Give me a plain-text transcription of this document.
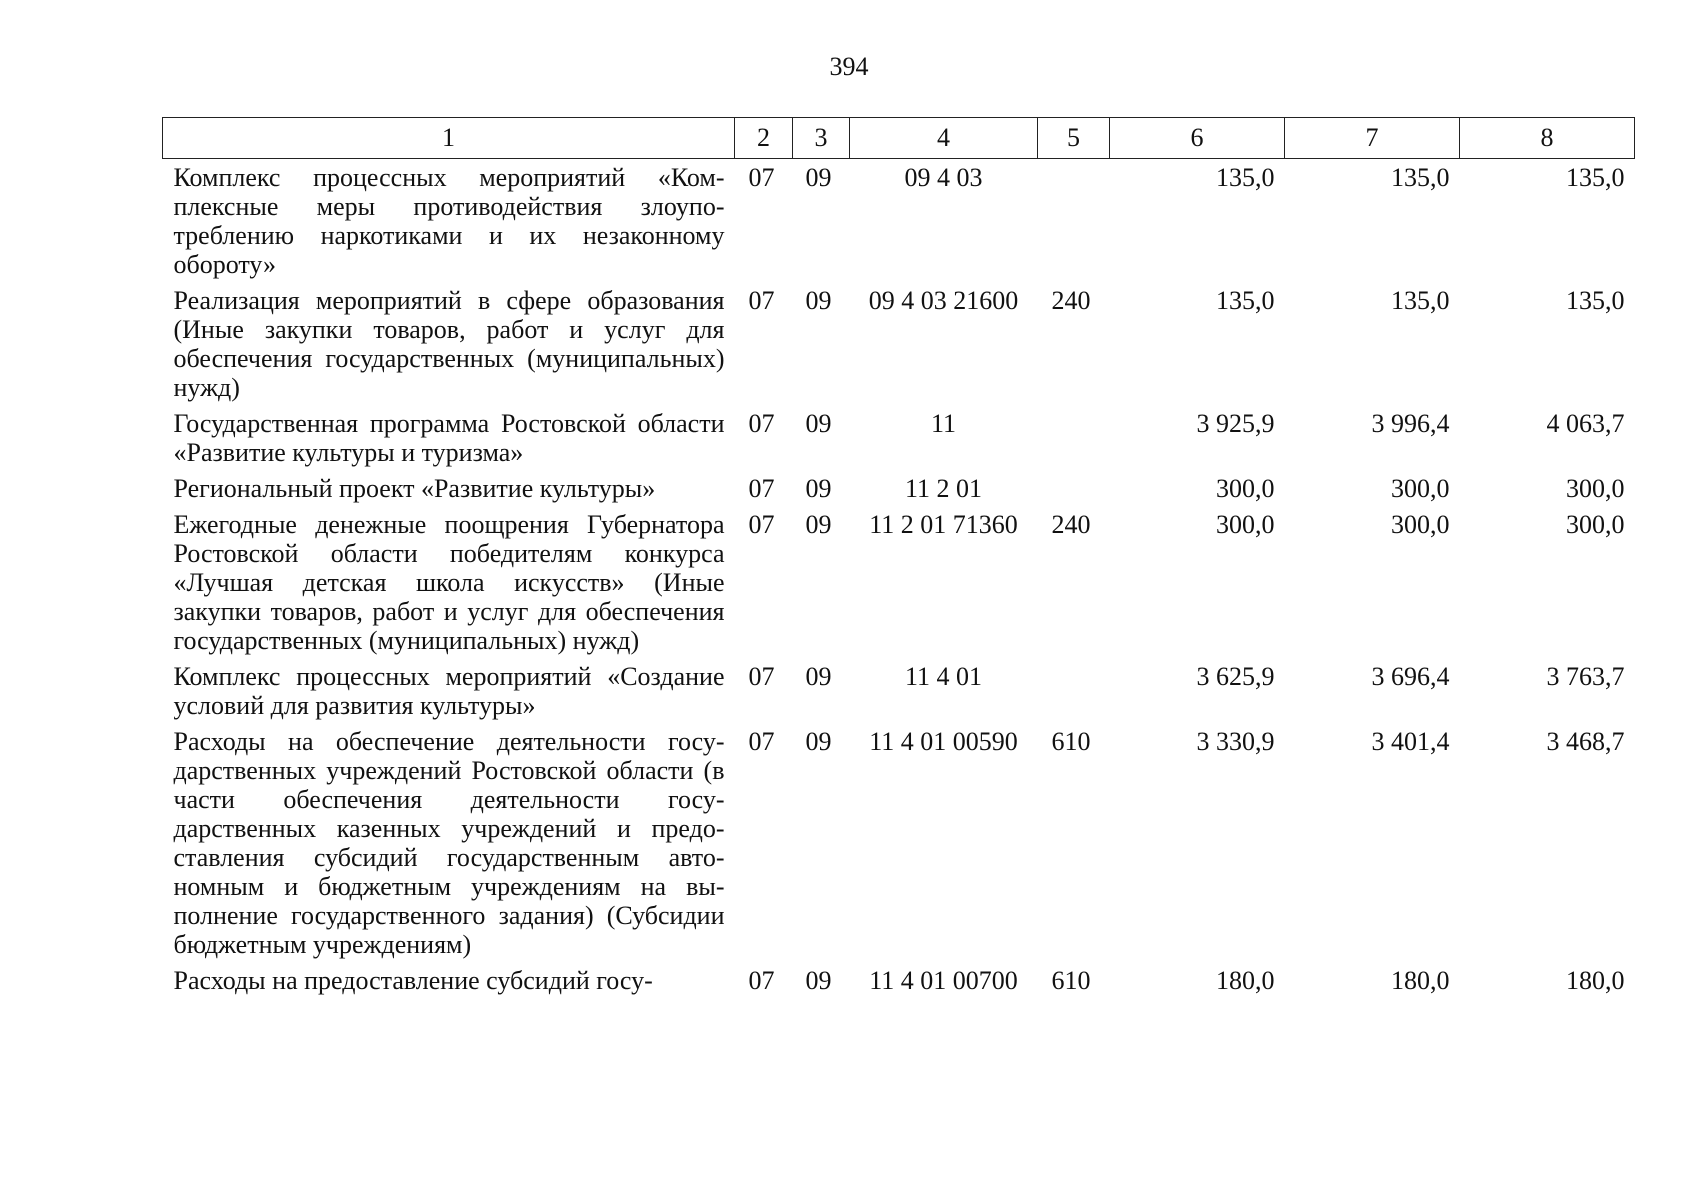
394
1	2	3	4	5	6	7	8
Комплекс процессных мероприятий «Комплексные меры противодействия злоупотреблению наркотиками и их незаконному обороту»	07	09	09 4 03		135,0	135,0	135,0
Реализация мероприятий в сфере образования (Иные закупки товаров, работ и услуг для обеспечения государственных (муниципальных) нужд)	07	09	09 4 03 21600	240	135,0	135,0	135,0
Государственная программа Ростовской области «Развитие культуры и туризма»	07	09	11		3 925,9	3 996,4	4 063,7
Региональный проект «Развитие культуры»	07	09	11 2 01		300,0	300,0	300,0
Ежегодные денежные поощрения Губернатора Ростовской области победителям конкурса «Лучшая детская школа искусств» (Иные закупки товаров, работ и услуг для обеспечения государственных (муниципальных) нужд)	07	09	11 2 01 71360	240	300,0	300,0	300,0
Комплекс процессных мероприятий «Создание условий для развития культуры»	07	09	11 4 01		3 625,9	3 696,4	3 763,7
Расходы на обеспечение деятельности государственных учреждений Ростовской области (в части обеспечения деятельности государственных казенных учреждений и предоставления субсидий государственным автономным и бюджетным учреждениям на выполнение государственного задания) (Субсидии бюджетным учреждениям)	07	09	11 4 01 00590	610	3 330,9	3 401,4	3 468,7
Расходы на предоставление субсидий госу-	07	09	11 4 01 00700	610	180,0	180,0	180,0
